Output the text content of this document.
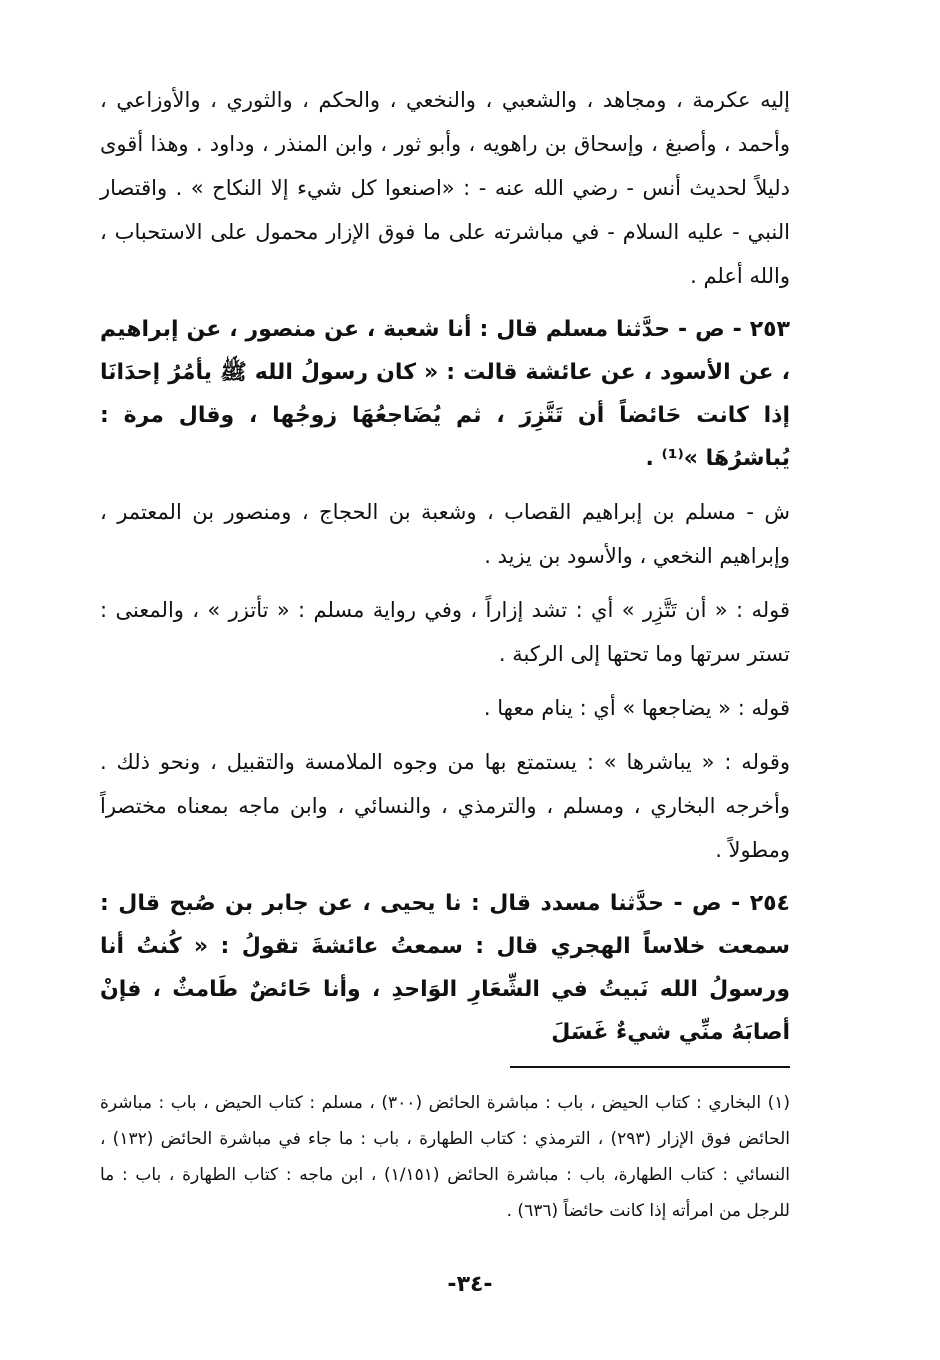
إليه عكرمة ، ومجاهد ، والشعبي ، والنخعي ، والحكم ، والثوري ، والأوزاعي ، وأحمد ، وأصبغ ، وإسحاق بن راهويه ، وأبو ثور ، وابن المنذر ، وداود . وهذا أقوى دليلاً لحديث أنس - رضي الله عنه - : «اصنعوا كل شيء إلا النكاح » . واقتصار النبي - عليه السلام - في مباشرته على ما فوق الإزار محمول على الاستحباب ، والله أعلم .

٢٥٣ - ص - حدَّثنا مسلم قال : أنا شعبة ، عن منصور ، عن إبراهيم ، عن الأسود ، عن عائشة قالت : « كان رسولُ الله ﷺ يأمُرُ إحدَانَا إذا كانت حَائضاً أن تَتَّزِرَ ، ثم يُضَاجعُهَا زوجُها ، وقال مرة : يُباشرُهَا »⁽¹⁾ .

ش - مسلم بن إبراهيم القصاب ، وشعبة بن الحجاج ، ومنصور بن المعتمر ، وإبراهيم النخعي ، والأسود بن يزيد .

قوله : « أن تَتَّزِر » أي : تشد إزاراً ، وفي رواية مسلم : « تأتزر » ، والمعنى : تستر سرتها وما تحتها إلى الركبة .

قوله : « يضاجعها » أي : ينام معها .

وقوله : « يباشرها » : يستمتع بها من وجوه الملامسة والتقبيل ، ونحو ذلك . وأخرجه البخاري ، ومسلم ، والترمذي ، والنسائي ، وابن ماجه بمعناه مختصراً ومطولاً .

٢٥٤ - ص - حدَّثنا مسدد قال : نا يحيى ، عن جابر بن صُبح قال : سمعت خلاساً الهجري قال : سمعتُ عائشةَ تقولُ : « كُنتُ أنا ورسولُ الله نَبيتُ في الشِّعَارِ الوَاحدِ ، وأنا حَائضٌ طَامثٌ ، فإنْ أصابَهُ منِّي شيءٌ غَسَلَ

(١) البخاري : كتاب الحيض ، باب : مباشرة الحائض (٣٠٠) ، مسلم : كتاب الحيض ، باب : مباشرة الحائض فوق الإزار (٢٩٣) ، الترمذي : كتاب الطهارة ، باب : ما جاء في مباشرة الحائض (١٣٢) ، النسائي : كتاب الطهارة، باب : مباشرة الحائض (١/١٥١) ، ابن ماجه : كتاب الطهارة ، باب : ما للرجل من امرأته إذا كانت حائضاً (٦٣٦) .

-٣٤-
